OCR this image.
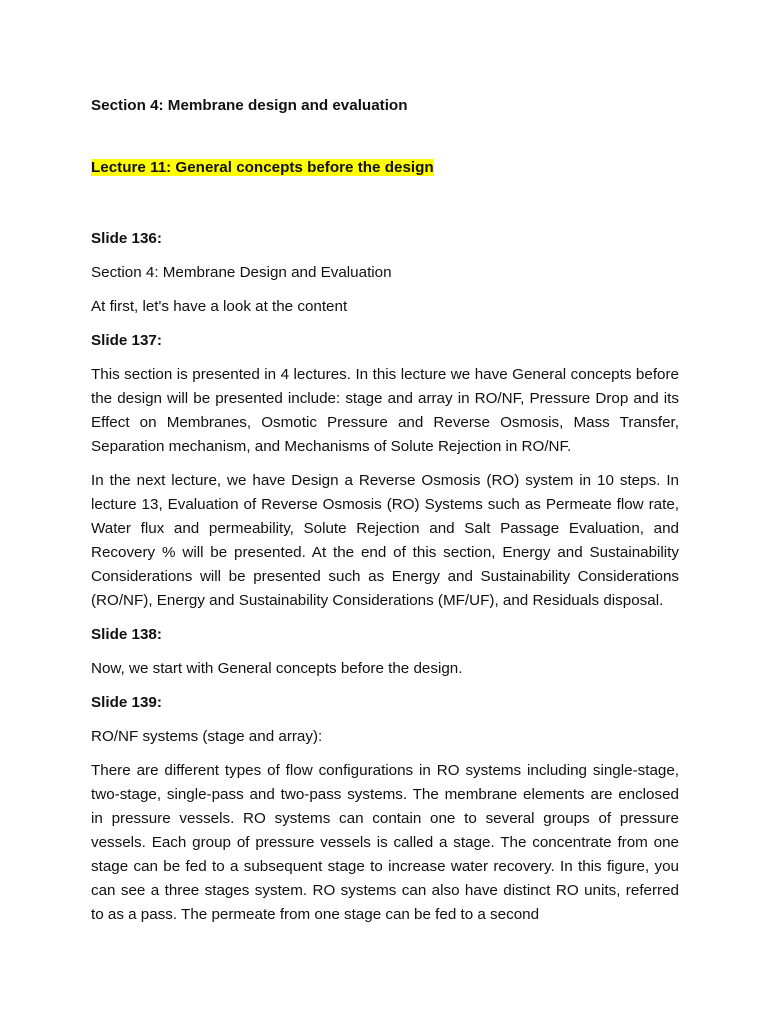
Section 4: Membrane design and evaluation

Lecture 11: General concepts before the design

Slide 136:

Section 4: Membrane Design and Evaluation

At first, let's have a look at the content

Slide 137:

This section is presented in 4 lectures. In this lecture we have General concepts before the design will be presented include: stage and array in RO/NF, Pressure Drop and its Effect on Membranes, Osmotic Pressure and Reverse Osmosis, Mass Transfer, Separation mechanism, and Mechanisms of Solute Rejection in RO/NF.

In the next lecture, we have Design a Reverse Osmosis (RO) system in 10 steps. In lecture 13, Evaluation of Reverse Osmosis (RO) Systems such as Permeate flow rate, Water flux and permeability, Solute Rejection and Salt Passage Evaluation, and Recovery % will be presented. At the end of this section, Energy and Sustainability Considerations will be presented such as Energy and Sustainability Considerations (RO/NF), Energy and Sustainability Considerations (MF/UF), and Residuals disposal.

Slide 138:

Now, we start with General concepts before the design.

Slide 139:

RO/NF systems (stage and array):

There are different types of flow configurations in RO systems including single-stage, two-stage, single-pass and two-pass systems. The membrane elements are enclosed in pressure vessels. RO systems can contain one to several groups of pressure vessels. Each group of pressure vessels is called a stage. The concentrate from one stage can be fed to a subsequent stage to increase water recovery. In this figure, you can see a three stages system. RO systems can also have distinct RO units, referred to as a pass. The permeate from one stage can be fed to a second
